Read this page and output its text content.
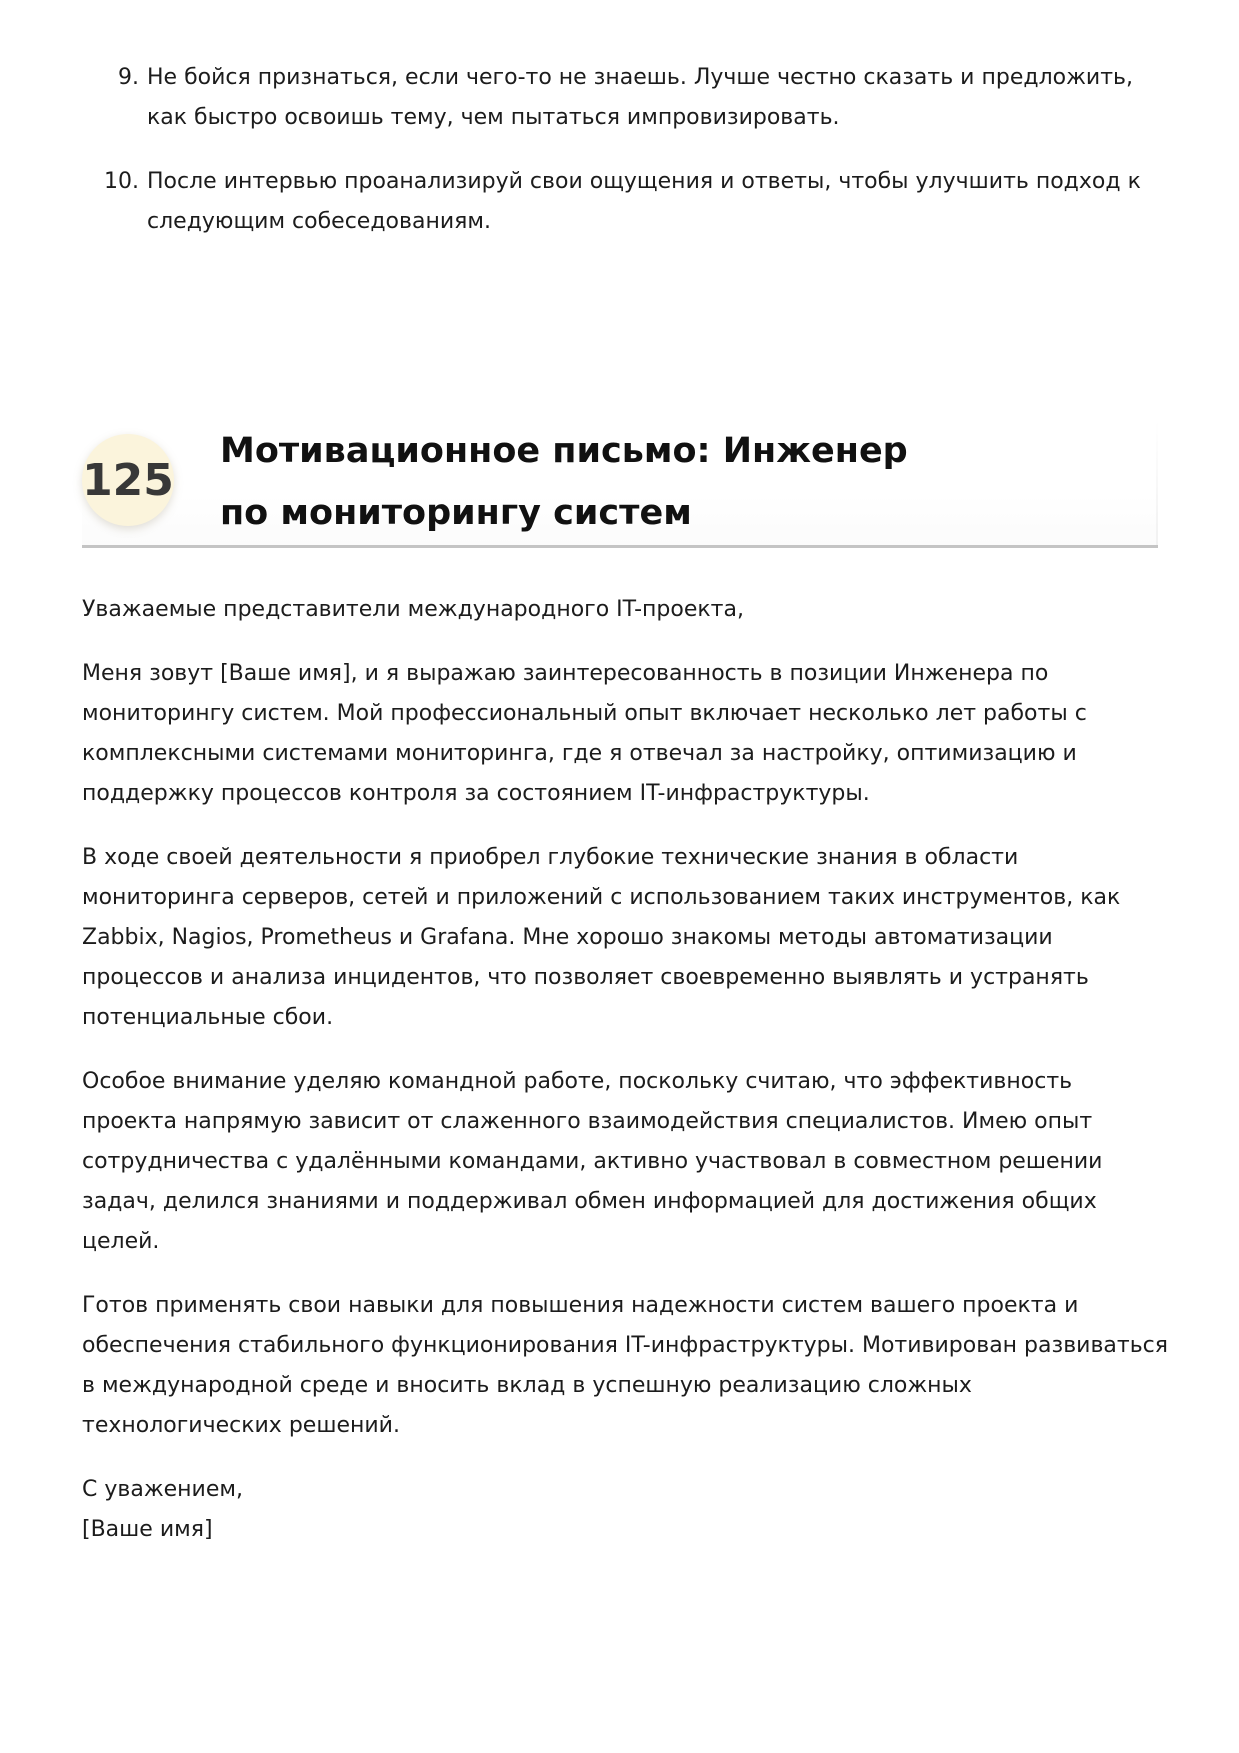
9. Не бойся признаться, если чего-то не знаешь. Лучше честно сказать и предложить, как быстро освоишь тему, чем пытаться импровизировать.
10. После интервью проанализируй свои ощущения и ответы, чтобы улучшить подход к следующим собеседованиям.
125
Мотивационное письмо: Инженер по мониторингу систем

Уважаемые представители международного IT-проекта,

Меня зовут [Ваше имя], и я выражаю заинтересованность в позиции Инженера по мониторингу систем. Мой профессиональный опыт включает несколько лет работы с комплексными системами мониторинга, где я отвечал за настройку, оптимизацию и поддержку процессов контроля за состоянием IT-инфраструктуры.

В ходе своей деятельности я приобрел глубокие технические знания в области мониторинга серверов, сетей и приложений с использованием таких инструментов, как Zabbix, Nagios, Prometheus и Grafana. Мне хорошо знакомы методы автоматизации процессов и анализа инцидентов, что позволяет своевременно выявлять и устранять потенциальные сбои.

Особое внимание уделяю командной работе, поскольку считаю, что эффективность проекта напрямую зависит от слаженного взаимодействия специалистов. Имею опыт сотрудничества с удалёнными командами, активно участвовал в совместном решении задач, делился знаниями и поддерживал обмен информацией для достижения общих целей.

Готов применять свои навыки для повышения надежности систем вашего проекта и обеспечения стабильного функционирования IT-инфраструктуры. Мотивирован развиваться в международной среде и вносить вклад в успешную реализацию сложных технологических решений.

С уважением,
[Ваше имя]
